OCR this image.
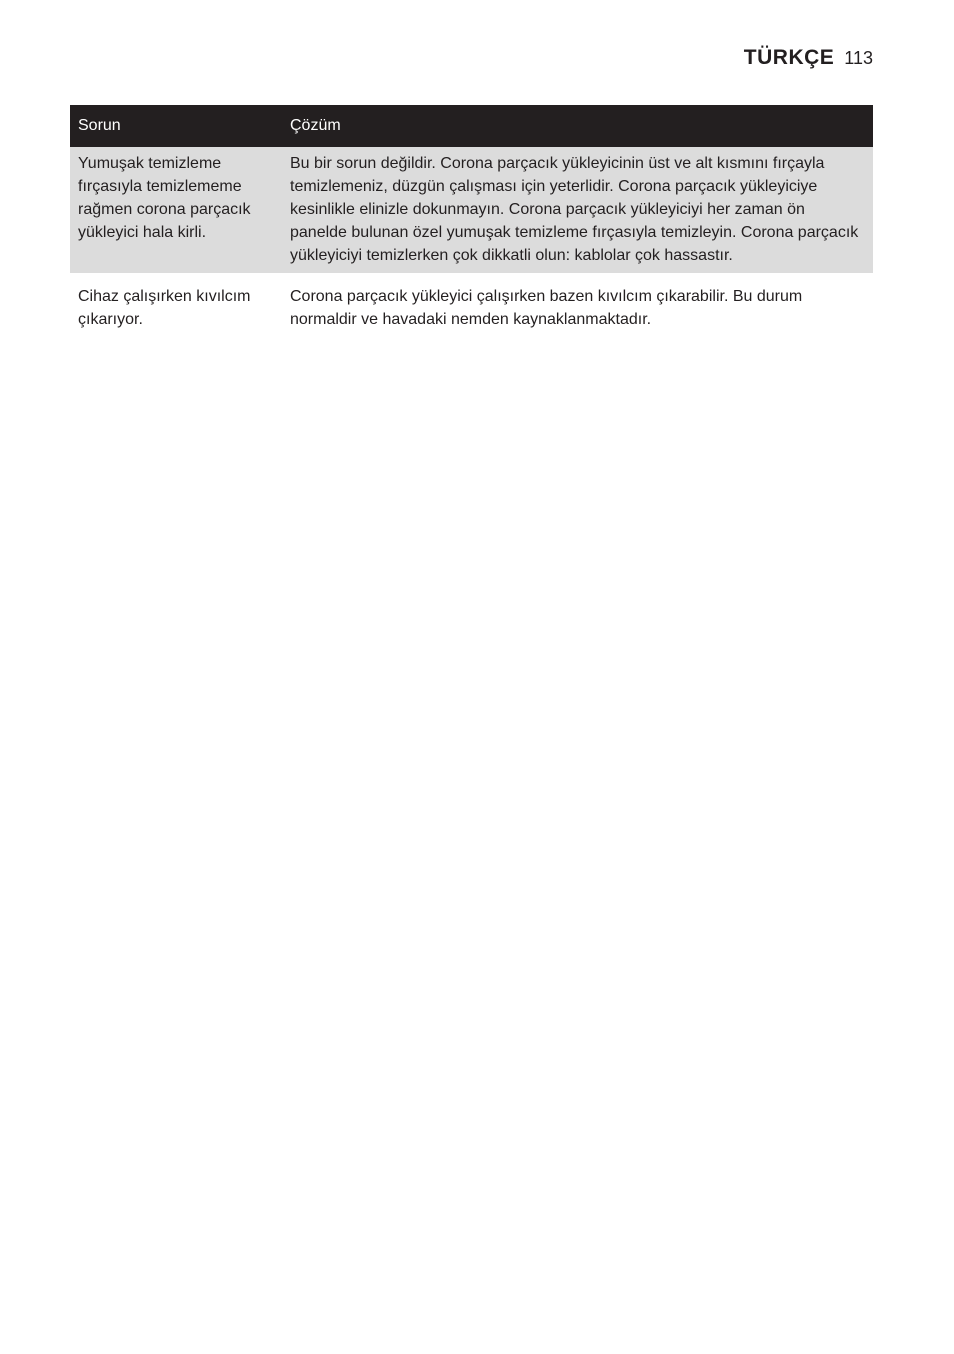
TÜRKÇE 113
Sorun	Çözüm
Yumuşak temizleme fırçasıyla temizlememe rağmen corona parçacık yükleyici hala kirli.	Bu bir sorun değildir. Corona parçacık yükleyicinin üst ve alt kısmını fırçayla temizlemeniz, düzgün çalışması için yeterlidir. Corona parçacık yükleyiciye kesinlikle elinizle dokunmayın. Corona parçacık yükleyiciyi her zaman ön panelde bulunan özel yumuşak temizleme fırçasıyla temizleyin. Corona parçacık yükleyiciyi temizlerken çok dikkatli olun: kablolar çok hassastır.

Cihaz çalışırken kıvılcım çıkarıyor.	Corona parçacık yükleyici çalışırken bazen kıvılcım çıkarabilir. Bu durum normaldir ve havadaki nemden kaynaklanmaktadır.
